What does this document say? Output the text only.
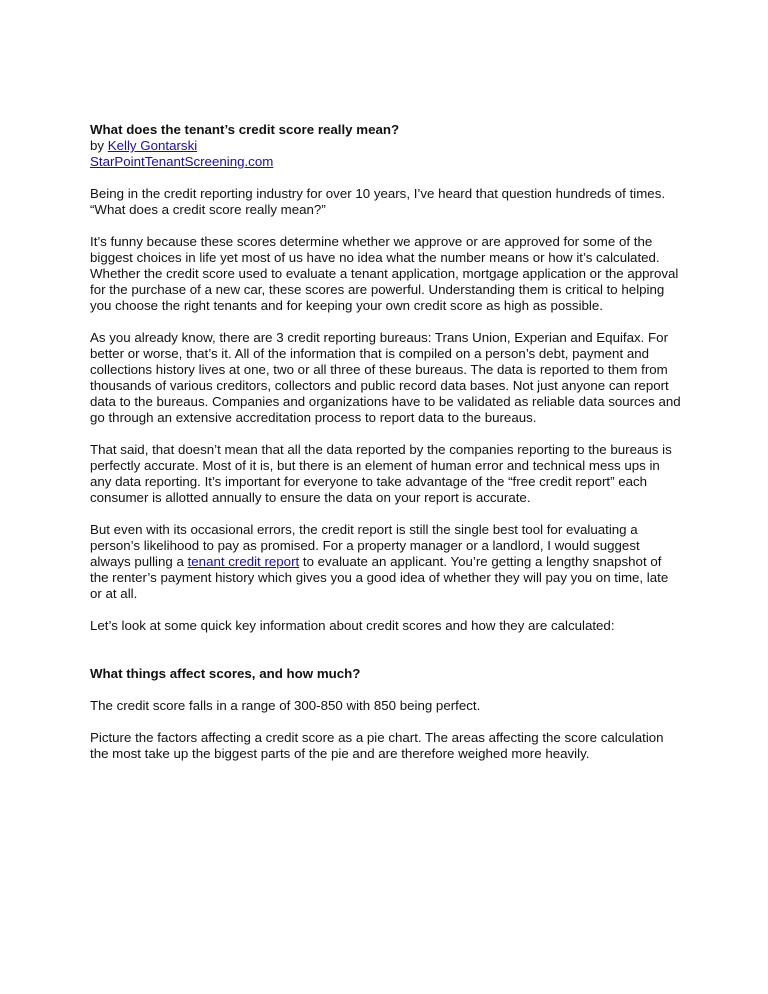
What does the tenant’s credit score really mean?
by Kelly Gontarski
StarPointTenantScreening.com

Being in the credit reporting industry for over 10 years, I’ve heard that question hundreds of times. “What does a credit score really mean?”

It’s funny because these scores determine whether we approve or are approved for some of the biggest choices in life yet most of us have no idea what the number means or how it’s calculated. Whether the credit score used to evaluate a tenant application, mortgage application or the approval for the purchase of a new car, these scores are powerful. Understanding them is critical to helping you choose the right tenants and for keeping your own credit score as high as possible.

As you already know, there are 3 credit reporting bureaus: Trans Union, Experian and Equifax. For better or worse, that’s it. All of the information that is compiled on a person’s debt, payment and collections history lives at one, two or all three of these bureaus. The data is reported to them from thousands of various creditors, collectors and public record data bases. Not just anyone can report data to the bureaus. Companies and organizations have to be validated as reliable data sources and go through an extensive accreditation process to report data to the bureaus.

That said, that doesn’t mean that all the data reported by the companies reporting to the bureaus is perfectly accurate. Most of it is, but there is an element of human error and technical mess ups in any data reporting. It’s important for everyone to take advantage of the “free credit report” each consumer is allotted annually to ensure the data on your report is accurate.

But even with its occasional errors, the credit report is still the single best tool for evaluating a person’s likelihood to pay as promised. For a property manager or a landlord, I would suggest always pulling a tenant credit report to evaluate an applicant. You’re getting a lengthy snapshot of the renter’s payment history which gives you a good idea of whether they will pay you on time, late or at all.

Let’s look at some quick key information about credit scores and how they are calculated:

What things affect scores, and how much?

The credit score falls in a range of 300-850 with 850 being perfect.

Picture the factors affecting a credit score as a pie chart. The areas affecting the score calculation the most take up the biggest parts of the pie and are therefore weighed more heavily.
